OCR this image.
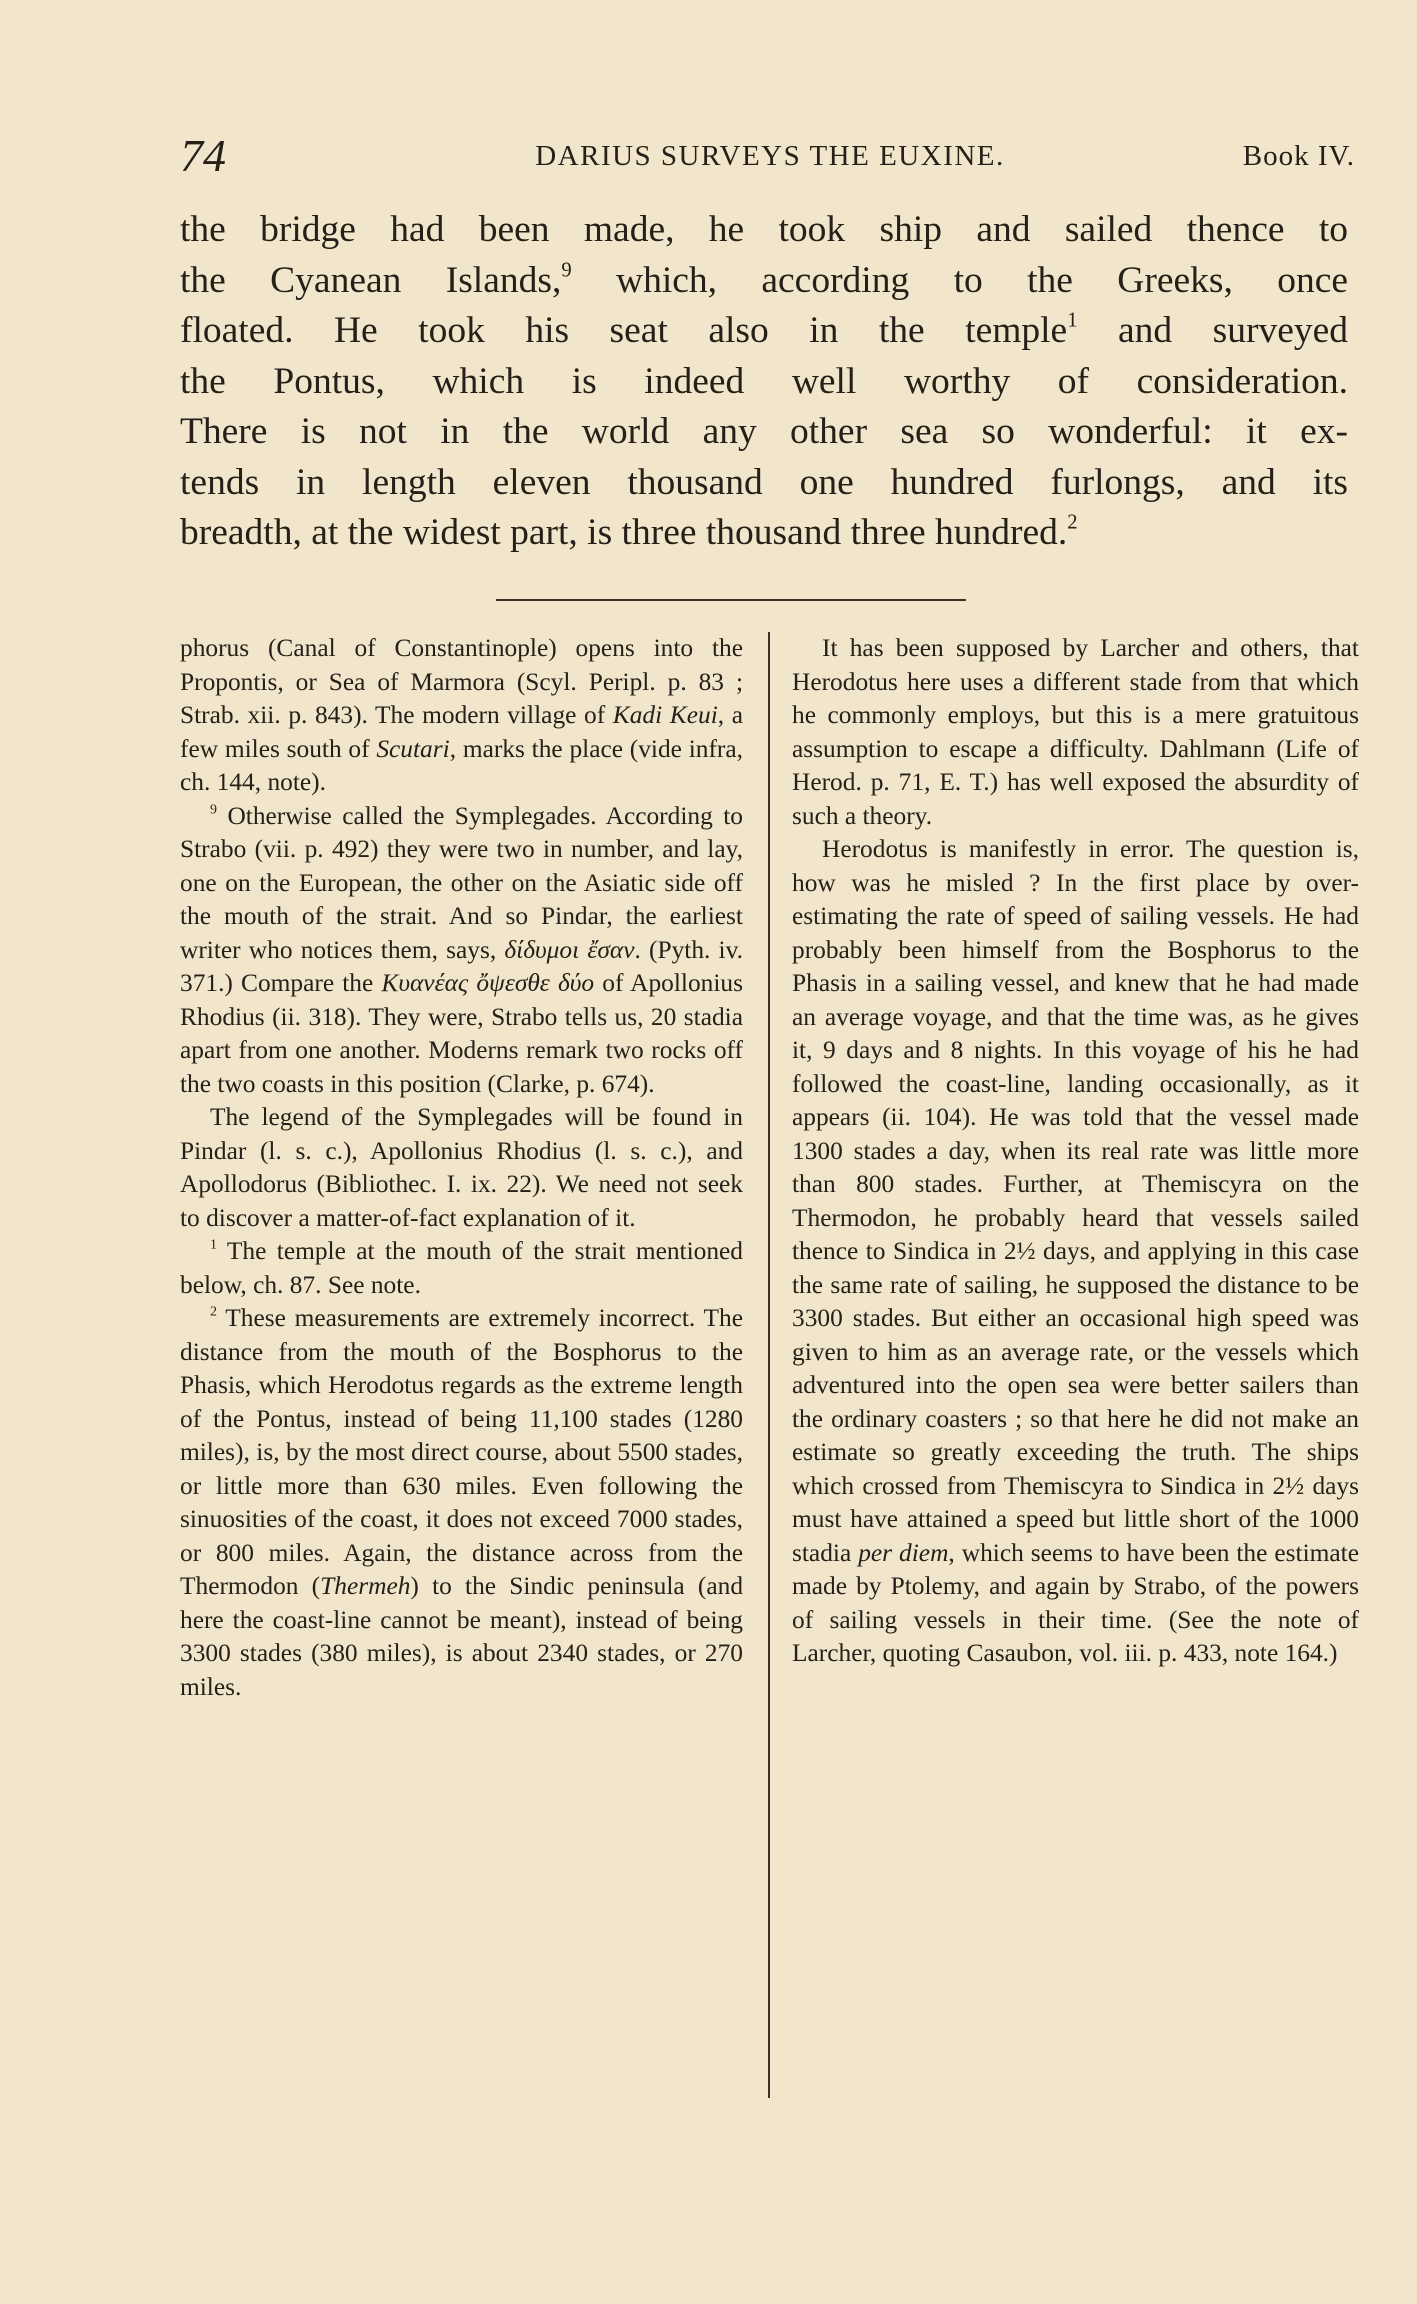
74	DARIUS SURVEYS THE EUXINE.	Book IV.
the bridge had been made, he took ship and sailed thence to
the Cyanean Islands,$^9$ which, according to the Greeks, once
floated. He took his seat also in the temple$^1$ and surveyed
the Pontus, which is indeed well worthy of consideration.
There is not in the world any other sea so wonderful: it ex-
tends in length eleven thousand one hundred furlongs, and its
breadth, at the widest part, is three thousand three hundred.$^2$

phorus (Canal of Constantinople) opens into the Propontis, or Sea of Marmora (Scyl. Peripl. p. 83 ; Strab. xii. p. 843). The modern village of Kadi Keui, a few miles south of Scutari, marks the place (vide infra, ch. 144, note).

$^9$ Otherwise called the Symplegades. According to Strabo (vii. p. 492) they were two in number, and lay, one on the European, the other on the Asiatic side off the mouth of the strait. And so Pindar, the earliest writer who notices them, says, δίδυμοι ἔσαν. (Pyth. iv. 371.) Compare the Κυανέας ὄψεσθε δύο of Apollonius Rhodius (ii. 318). They were, Strabo tells us, 20 stadia apart from one another. Moderns remark two rocks off the two coasts in this position (Clarke, p. 674).

The legend of the Symplegades will be found in Pindar (l. s. c.), Apollonius Rhodius (l. s. c.), and Apollodorus (Bibliothec. I. ix. 22). We need not seek to discover a matter-of-fact explanation of it.

$^1$ The temple at the mouth of the strait mentioned below, ch. 87. See note.

$^2$ These measurements are extremely incorrect. The distance from the mouth of the Bosphorus to the Phasis, which Herodotus regards as the extreme length of the Pontus, instead of being 11,100 stades (1280 miles), is, by the most direct course, about 5500 stades, or little more than 630 miles. Even following the sinuosities of the coast, it does not exceed 7000 stades, or 800 miles. Again, the distance across from the Thermodon (Thermeh) to the Sindic peninsula (and here the coast-line cannot be meant), instead of being 3300 stades (380 miles), is about 2340 stades, or 270 miles.

It has been supposed by Larcher and others, that Herodotus here uses a different stade from that which he commonly employs, but this is a mere gratuitous assumption to escape a difficulty. Dahlmann (Life of Herod. p. 71, E. T.) has well exposed the absurdity of such a theory.

Herodotus is manifestly in error. The question is, how was he misled ? In the first place by over-estimating the rate of speed of sailing vessels. He had probably been himself from the Bosphorus to the Phasis in a sailing vessel, and knew that he had made an average voyage, and that the time was, as he gives it, 9 days and 8 nights. In this voyage of his he had followed the coast-line, landing occasionally, as it appears (ii. 104). He was told that the vessel made 1300 stades a day, when its real rate was little more than 800 stades. Further, at Themiscyra on the Thermodon, he probably heard that vessels sailed thence to Sindica in 2½ days, and applying in this case the same rate of sailing, he supposed the distance to be 3300 stades. But either an occasional high speed was given to him as an average rate, or the vessels which adventured into the open sea were better sailers than the ordinary coasters ; so that here he did not make an estimate so greatly exceeding the truth. The ships which crossed from Themiscyra to Sindica in 2½ days must have attained a speed but little short of the 1000 stadia per diem, which seems to have been the estimate made by Ptolemy, and again by Strabo, of the powers of sailing vessels in their time. (See the note of Larcher, quoting Casaubon, vol. iii. p. 433, note 164.)
